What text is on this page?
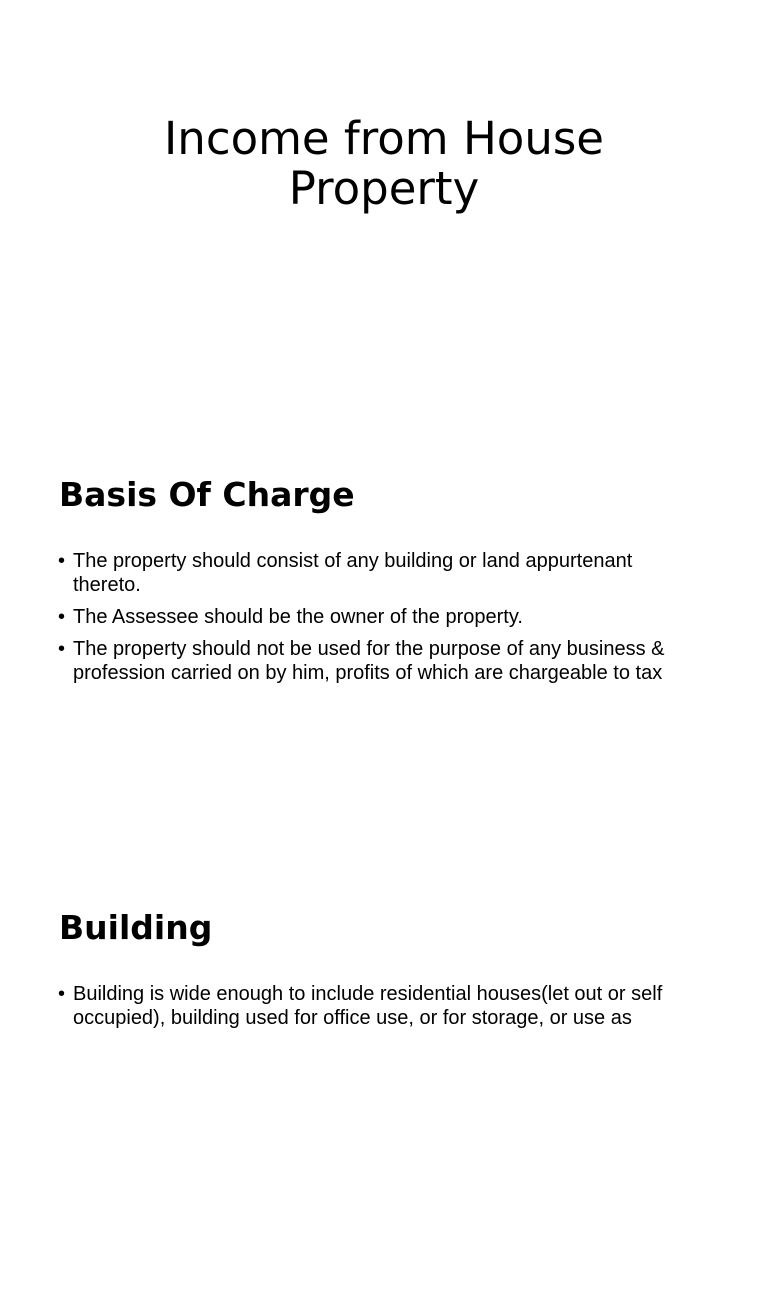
Income from House
Property
Basis Of Charge
• The property should consist of any building or land appurtenant thereto.
• The Assessee should be the owner of the property.
• The property should not be used for the purpose of any business & profession carried on by him, profits of which are chargeable to tax
Building
• Building is wide enough to include residential houses(let out or self occupied), building used for office use, or for storage, or use as
